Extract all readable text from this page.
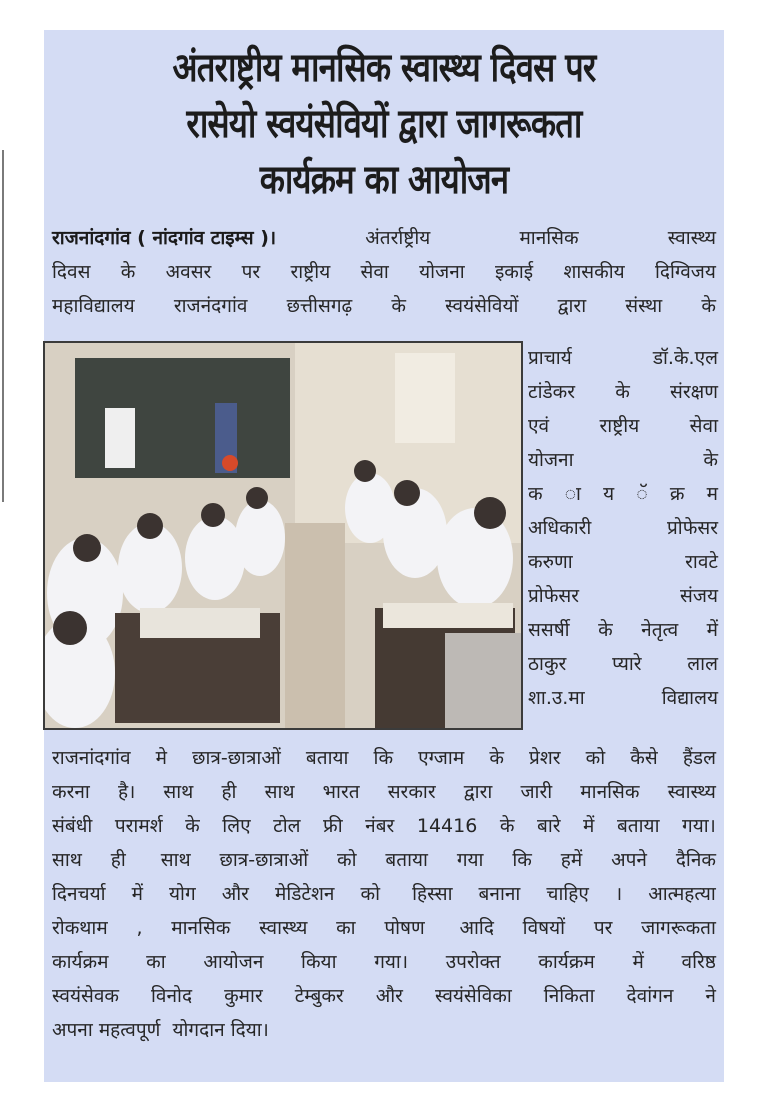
अंतराष्ट्रीय मानसिक स्वास्थ्य दिवस पर
रासेयो स्वयंसेवियों द्वारा जागरूकता
कार्यक्रम का आयोजन
राजनांदगांव ( नांदगांव टाइम्स )।	अंतर्राष्ट्रीय	मानसिक	स्वास्थ्य
दिवस के अवसर पर राष्ट्रीय सेवा योजना इकाई शासकीय दिग्विजय
महाविद्यालय राजनंदगांव छत्तीसगढ़ के स्वयंसेवियों द्वारा संस्था के
प्राचार्य	डॉ.के.एल
टांडेकर के संरक्षण
एवं	राष्ट्रीय	सेवा
योजना	के
क ा य ॅ क्र म
अधिकारी	प्रोफेसर
करुणा	रावटे
प्रोफेसर	संजय
ससर्षी के नेतृत्व में
ठाकुर प्यारे लाल
शा.उ.मा	विद्यालय
राजनांदगांव मे छात्र-छात्राओं बताया कि एग्जाम के प्रेशर को कैसे हैंडल
करना है। साथ ही साथ भारत सरकार द्वारा जारी मानसिक स्वास्थ्य
संबंधी परामर्श के लिए टोल फ्री नंबर 14416 के बारे में बताया गया।
साथ ही साथ छात्र-छात्राओं को बताया गया कि हमें अपने दैनिक
दिनचर्या में योग और मेडिटेशन को हिस्सा बनाना चाहिए । आत्महत्या
रोकथाम , मानसिक स्वास्थ्य का पोषण आदि विषयों पर जागरूकता
कार्यक्रम का आयोजन किया गया। उपरोक्त कार्यक्रम में वरिष्ठ
स्वयंसेवक विनोद कुमार टेम्बुकर और स्वयंसेविका निकिता देवांगन ने
अपना महत्वपूर्ण  योगदान दिया।
